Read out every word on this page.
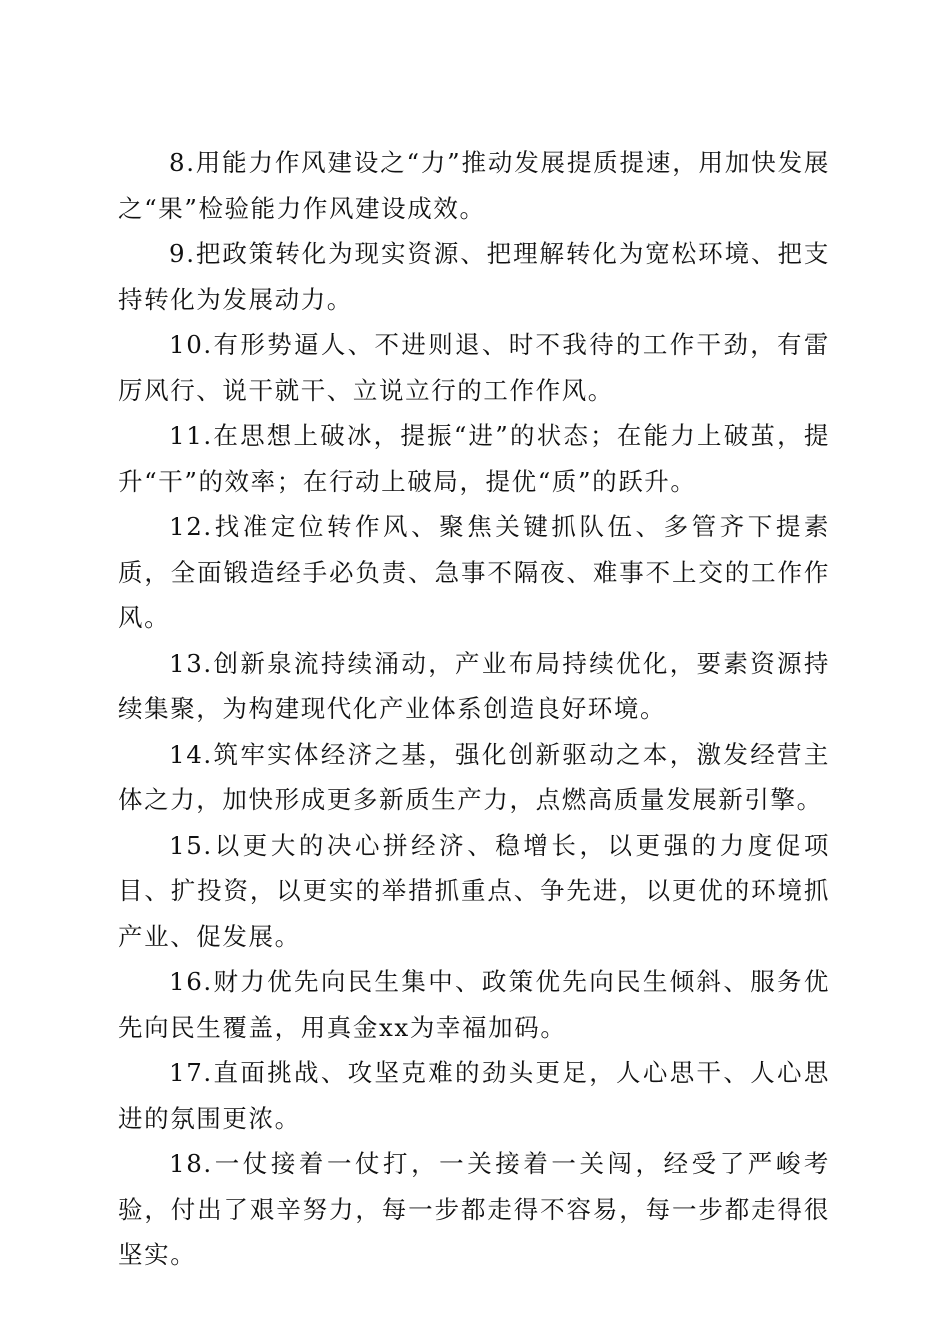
8.用能力作风建设之“力”推动发展提质提速，用加快发展之“果”检验能力作风建设成效。

9.把政策转化为现实资源、把理解转化为宽松环境、把支持转化为发展动力。

10.有形势逼人、不进则退、时不我待的工作干劲，有雷厉风行、说干就干、立说立行的工作作风。

11.在思想上破冰，提振“进”的状态；在能力上破茧，提升“干”的效率；在行动上破局，提优“质”的跃升。

12.找准定位转作风、聚焦关键抓队伍、多管齐下提素质，全面锻造经手必负责、急事不隔夜、难事不上交的工作作风。

13.创新泉流持续涌动，产业布局持续优化，要素资源持续集聚，为构建现代化产业体系创造良好环境。

14.筑牢实体经济之基，强化创新驱动之本，激发经营主体之力，加快形成更多新质生产力，点燃高质量发展新引擎。

15.以更大的决心拼经济、稳增长，以更强的力度促项目、扩投资，以更实的举措抓重点、争先进，以更优的环境抓产业、促发展。

16.财力优先向民生集中、政策优先向民生倾斜、服务优先向民生覆盖，用真金xx为幸福加码。

17.直面挑战、攻坚克难的劲头更足，人心思干、人心思进的氛围更浓。

18.一仗接着一仗打，一关接着一关闯，经受了严峻考验，付出了艰辛努力，每一步都走得不容易，每一步都走得很坚实。
